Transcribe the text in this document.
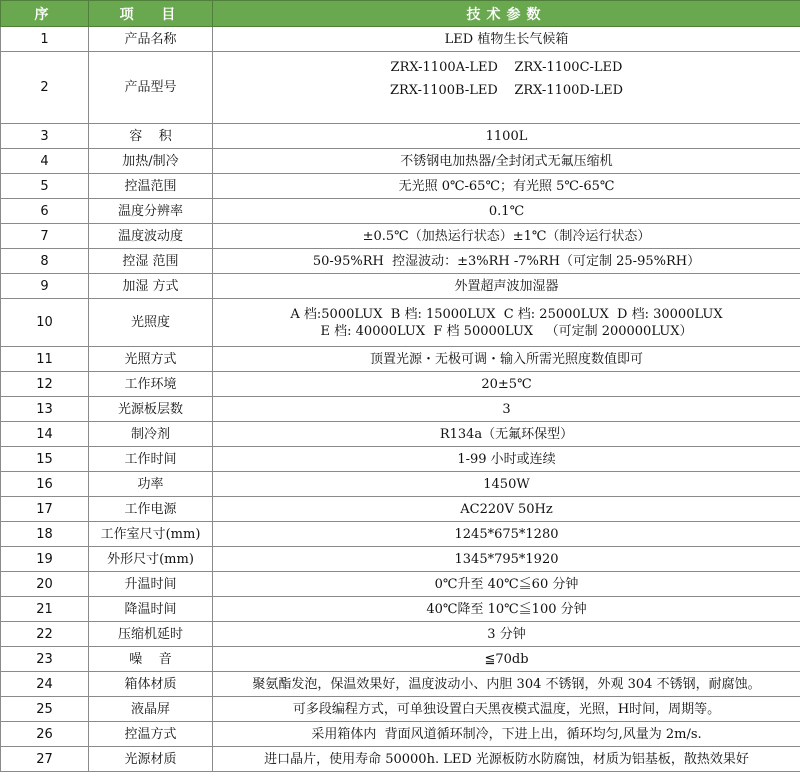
序	项  目	技术参数
1	产品名称	LED 植物生长气候箱

2	产品型号	ZRX-1100A-LED    ZRX-1100C-LED
ZRX-1100B-LED    ZRX-1100D-LED

3	容    积	1100L

4	加热/制冷	不锈钢电加热器/全封闭式无氟压缩机

5	控温范围	无光照 0℃-65℃；有光照 5℃-65℃

6	温度分辨率	0.1℃

7	温度波动度	±0.5℃（加热运行状态）±1℃（制冷运行状态）

8	控湿 范围	50-95%RH  控湿波动：±3%RH -7%RH（可定制 25-95%RH）

9	加湿 方式	外置超声波加湿器

10	光照度	A 档:5000LUX  B 档: 15000LUX  C 档: 25000LUX  D 档: 30000LUX
E 档: 40000LUX  F 档 50000LUX   （可定制 200000LUX）

11	光照方式	顶置光源・无极可调・输入所需光照度数值即可

12	工作环境	20±5℃

13	光源板层数	3

14	制冷剂	R134a（无氟环保型）

15	工作时间	1-99 小时或连续

16	功率	1450W

17	工作电源	AC220V 50Hz

18	工作室尺寸(mm)	1245*675*1280

19	外形尺寸(mm)	1345*795*1920

20	升温时间	0℃升至 40℃≦60 分钟

21	降温时间	40℃降至 10℃≦100 分钟

22	压缩机延时	3 分钟

23	噪    音	≦70db

24	箱体材质	聚氨酯发泡，保温效果好，温度波动小、内胆 304 不锈钢，外观 304 不锈钢，耐腐蚀。

25	液晶屏	可多段编程方式，可单独设置白天黑夜模式温度，光照，H时间，周期等。

26	控温方式	采用箱体内  背面风道循环制冷，下进上出，循环均匀,风量为 2m/s.

27	光源材质	进口晶片，使用寿命 50000h. LED 光源板防水防腐蚀，材质为铝基板，散热效果好
